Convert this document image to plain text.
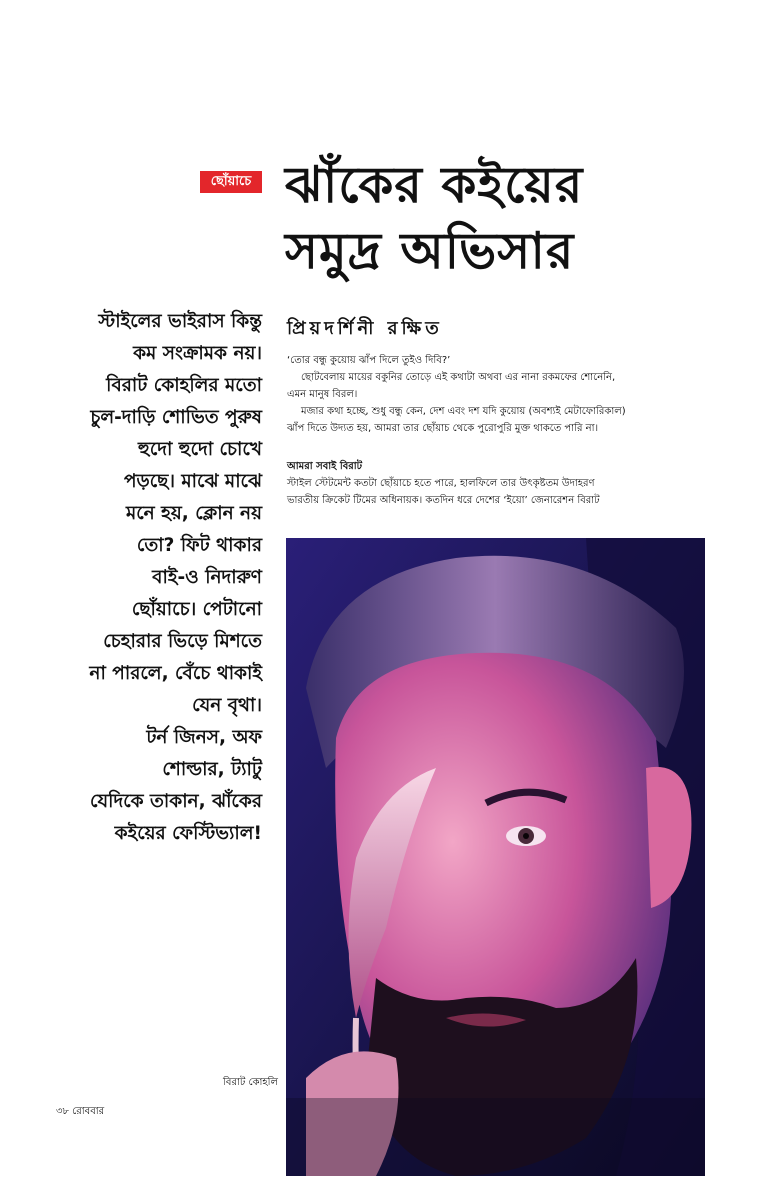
ছোঁয়াচে ঝাঁকের কইয়ের
সমুদ্র অভিসার
স্টাইলের ভাইরাস কিন্তু
কম সংক্রামক নয়।
বিরাট কোহলির মতো
চুল-দাড়ি শোভিত পুরুষ
হুদো হুদো চোখে
পড়ছে। মাঝে মাঝে
মনে হয়, ক্লোন নয়
তো? ফিট থাকার
বাই-ও নিদারুণ
ছোঁয়াচে। পেটানো
চেহারার ভিড়ে মিশতে
না পারলে, বেঁচে থাকাই
যেন বৃথা।
টর্ন জিনস, অফ
শোল্ডার, ট্যাটু
যেদিকে তাকান, ঝাঁকের
কইয়ের ফেস্টিভ্যাল!
প্রিয়দর্শিনী রক্ষিত

‘তোর বন্ধু কুয়োয় ঝাঁপ দিলে তুইও দিবি?’

ছোটবেলায় মায়ের বকুনির তোড়ে এই কথাটা অথবা এর নানা রকমফের শোনেনি,

এমন মানুষ বিরল।

মজার কথা হচ্ছে, শুধু বন্ধু কেন, দেশ এবং দশ যদি কুয়োয় (অবশ্যই মেটাফোরিকাল)

ঝাঁপ দিতে উদ্যত হয়, আমরা তার ছোঁয়াচ থেকে পুরোপুরি মুক্ত থাকতে পারি না।

আমরা সবাই বিরাট

স্টাইল স্টেটমেন্ট কতটা ছোঁয়াচে হতে পারে, হালফিলে তার উৎকৃষ্টতম উদাহরণ

ভারতীয় ক্রিকেট টিমের অধিনায়ক। কতদিন ধরে দেশের ‘ইয়ো’ জেনারেশন বিরাট

বিরাট কোহলি
৩৮ রোববার
